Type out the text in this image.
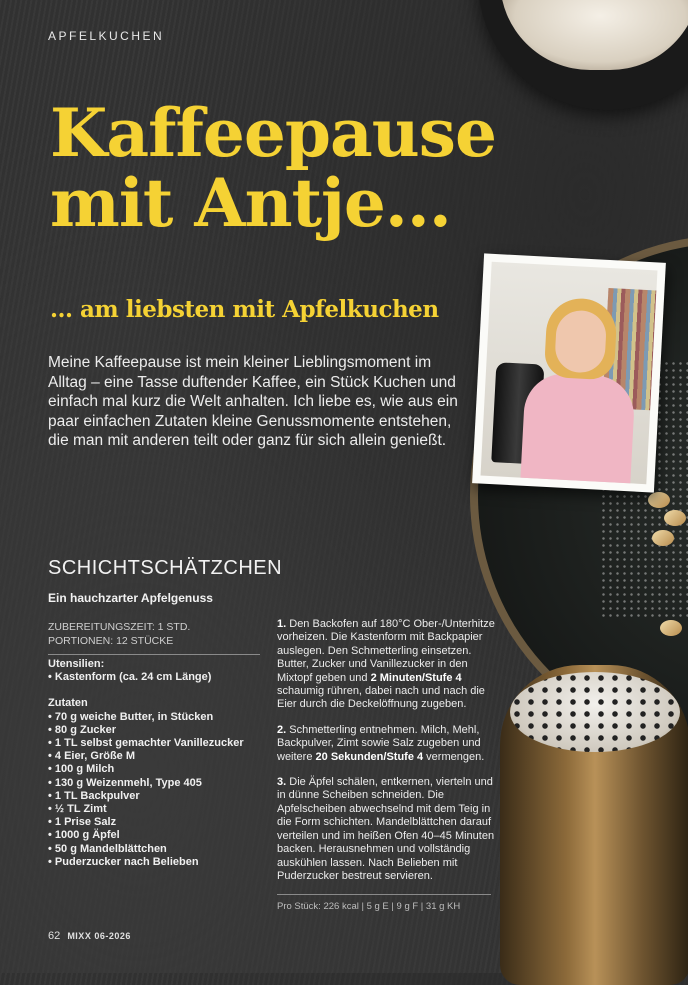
APFELKUCHEN
Kaffeepause
mit Antje...
... am liebsten mit Apfelkuchen

Meine Kaffeepause ist mein kleiner Lieblingsmoment im Alltag – eine Tasse duftender Kaffee, ein Stück Kuchen und einfach mal kurz die Welt anhalten. Ich liebe es, wie aus ein paar einfachen Zutaten kleine Genussmomente entstehen, die man mit anderen teilt oder ganz für sich allein genießt.

SCHICHTSCHÄTZCHEN
Ein hauchzarter Apfelgenuss
ZUBEREITUNGSZEIT: 1 STD.
PORTIONEN: 12 STÜCKE
Utensilien:
• Kastenform (ca. 24 cm Länge)
Zutaten
• 70 g weiche Butter, in Stücken
• 80 g Zucker
• 1 TL selbst gemachter Vanillezucker
• 4 Eier, Größe M
• 100 g Milch
• 130 g Weizenmehl, Type 405
• 1 TL Backpulver
• ½ TL Zimt
• 1 Prise Salz
• 1000 g Äpfel
• 50 g Mandelblättchen
• Puderzucker nach Belieben

1. Den Backofen auf 180°C Ober-/Unterhitze vorheizen. Die Kastenform mit Backpapier auslegen. Den Schmetterling einsetzen. Butter, Zucker und Vanillezucker in den Mixtopf geben und 2 Minuten/Stufe 4 schaumig rühren, dabei nach und nach die Eier durch die Deckelöffnung zugeben.

2. Schmetterling entnehmen. Milch, Mehl, Backpulver, Zimt sowie Salz zugeben und weitere 20 Sekunden/Stufe 4 vermengen.

3. Die Äpfel schälen, entkernen, vierteln und in dünne Scheiben schneiden. Die Apfelscheiben abwechselnd mit dem Teig in die Form schichten. Mandelblättchen darauf verteilen und im heißen Ofen 40–45 Minuten backen. Herausnehmen und vollständig auskühlen lassen. Nach Belieben mit Puderzucker bestreut servieren.

Pro Stück: 226 kcal | 5 g E | 9 g F | 31 g KH
62 MIXX 06-2026
